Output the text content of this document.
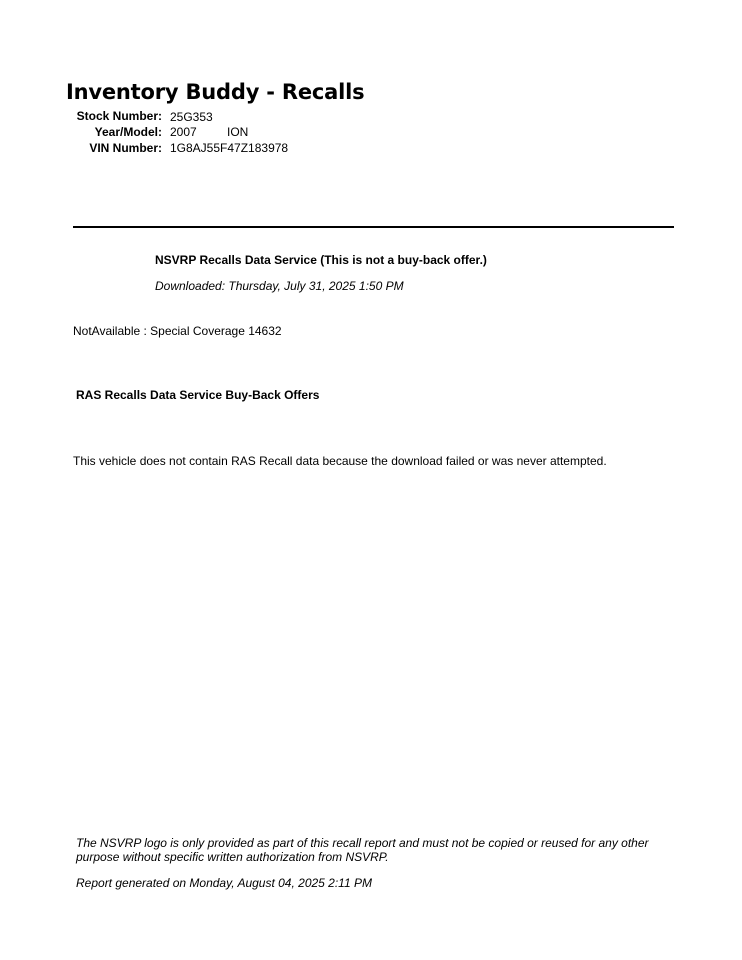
Inventory Buddy - Recalls
Stock Number: 25G353
Year/Model: 2007	ION
VIN Number: 1G8AJ55F47Z183978
NSVRP Recalls Data Service (This is not a buy-back offer.)
Downloaded: Thursday, July 31, 2025 1:50 PM
NotAvailable : Special Coverage 14632
RAS Recalls Data Service Buy-Back Offers
This vehicle does not contain RAS Recall data because the download failed or was never attempted.
The NSVRP logo is only provided as part of this recall report and must not be copied or reused for any other purpose without specific written authorization from NSVRP.
Report generated on Monday, August 04, 2025 2:11 PM
